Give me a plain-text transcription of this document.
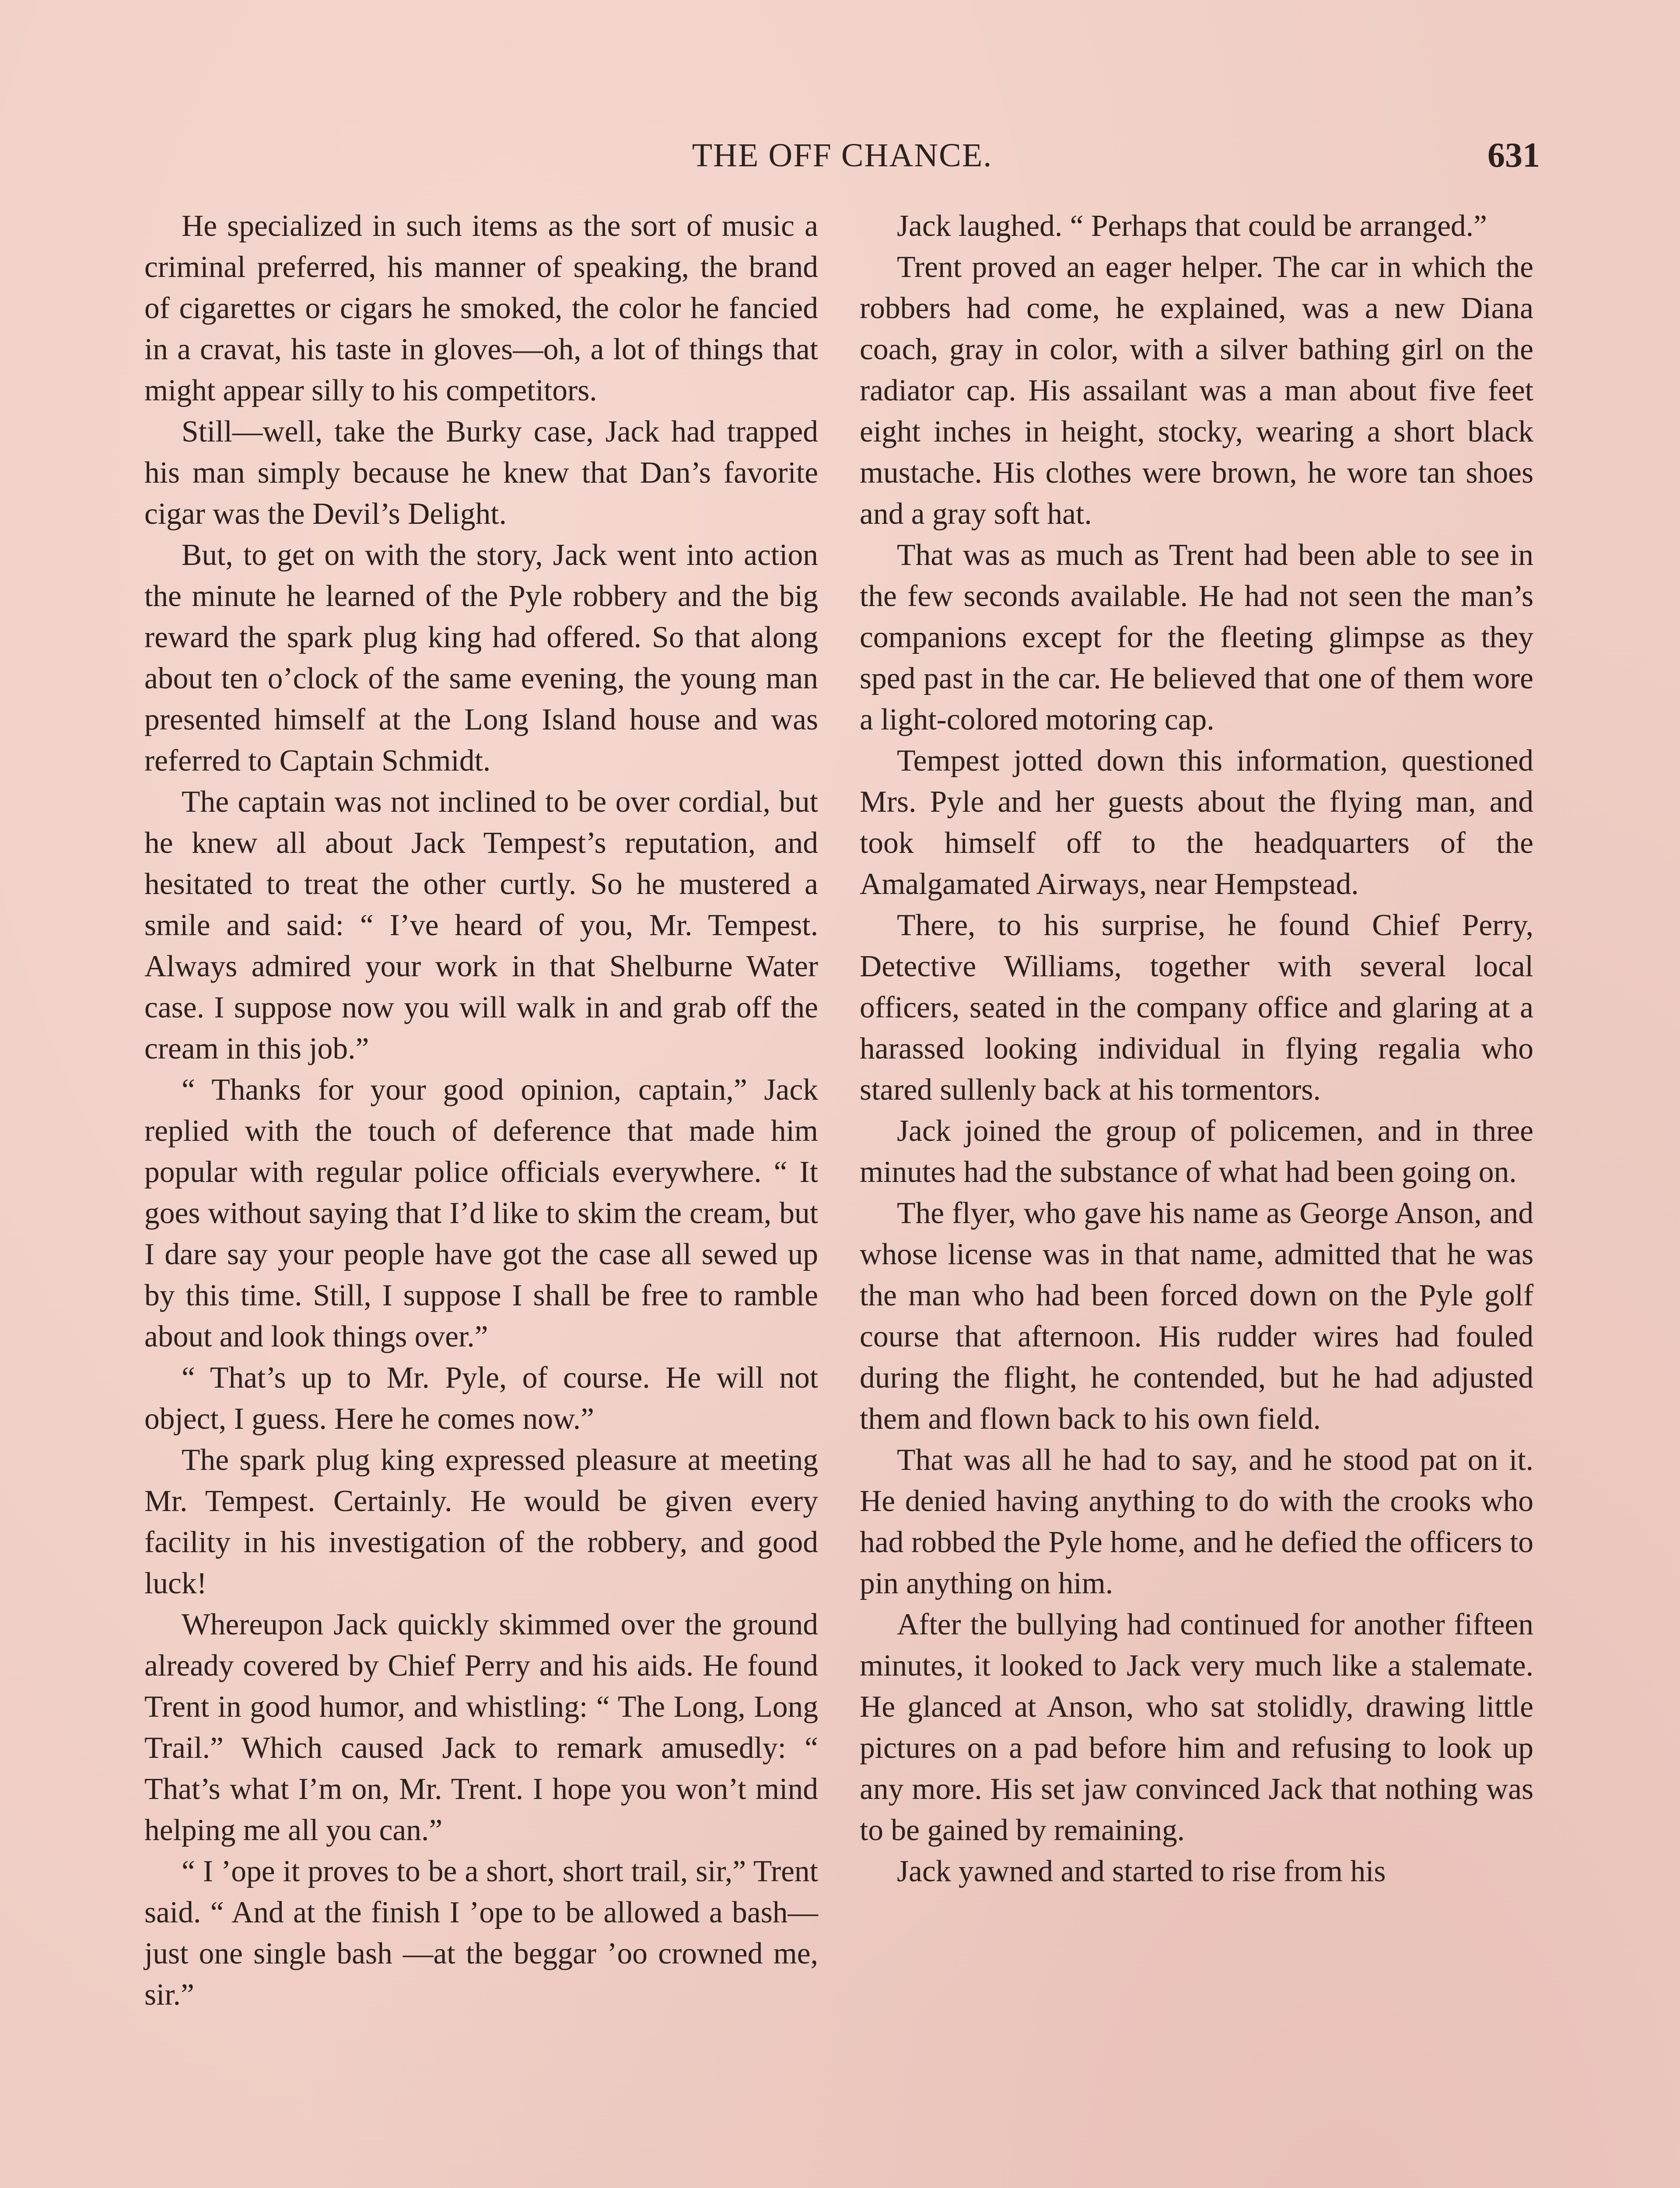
THE OFF CHANCE.	631

He specialized in such items as the sort of music a criminal preferred, his manner of speaking, the brand of cigarettes or cigars he smoked, the color he fancied in a cravat, his taste in gloves—oh, a lot of things that might appear silly to his competitors.

Still—well, take the Burky case, Jack had trapped his man simply because he knew that Dan’s favorite cigar was the Devil’s Delight.

But, to get on with the story, Jack went into action the minute he learned of the Pyle robbery and the big reward the spark plug king had offered. So that along about ten o’clock of the same evening, the young man presented himself at the Long Island house and was referred to Captain Schmidt.

The captain was not inclined to be over cordial, but he knew all about Jack Tempest’s reputation, and hesitated to treat the other curtly. So he mustered a smile and said: “ I’ve heard of you, Mr. Tempest. Always admired your work in that Shelburne Water case. I suppose now you will walk in and grab off the cream in this job.”

“ Thanks for your good opinion, captain,” Jack replied with the touch of deference that made him popular with regular police officials everywhere. “ It goes without saying that I’d like to skim the cream, but I dare say your people have got the case all sewed up by this time. Still, I suppose I shall be free to ramble about and look things over.”

“ That’s up to Mr. Pyle, of course. He will not object, I guess. Here he comes now.”

The spark plug king expressed pleasure at meeting Mr. Tempest. Certainly. He would be given every facility in his investigation of the robbery, and good luck!

Whereupon Jack quickly skimmed over the ground already covered by Chief Perry and his aids. He found Trent in good humor, and whistling: “ The Long, Long Trail.” Which caused Jack to remark amusedly: “ That’s what I’m on, Mr. Trent. I hope you won’t mind helping me all you can.”

“ I ’ope it proves to be a short, short trail, sir,” Trent said. “ And at the finish I ’ope to be allowed a bash—just one single bash —at the beggar ’oo crowned me, sir.”

Jack laughed. “ Perhaps that could be arranged.”

Trent proved an eager helper. The car in which the robbers had come, he explained, was a new Diana coach, gray in color, with a silver bathing girl on the radiator cap. His assailant was a man about five feet eight inches in height, stocky, wearing a short black mustache. His clothes were brown, he wore tan shoes and a gray soft hat.

That was as much as Trent had been able to see in the few seconds available. He had not seen the man’s companions except for the fleeting glimpse as they sped past in the car. He believed that one of them wore a light-colored motoring cap.

Tempest jotted down this information, questioned Mrs. Pyle and her guests about the flying man, and took himself off to the headquarters of the Amalgamated Airways, near Hempstead.

There, to his surprise, he found Chief Perry, Detective Williams, together with several local officers, seated in the company office and glaring at a harassed looking individual in flying regalia who stared sullenly back at his tormentors.

Jack joined the group of policemen, and in three minutes had the substance of what had been going on.

The flyer, who gave his name as George Anson, and whose license was in that name, admitted that he was the man who had been forced down on the Pyle golf course that afternoon. His rudder wires had fouled during the flight, he contended, but he had adjusted them and flown back to his own field.

That was all he had to say, and he stood pat on it. He denied having anything to do with the crooks who had robbed the Pyle home, and he defied the officers to pin anything on him.

After the bullying had continued for another fifteen minutes, it looked to Jack very much like a stalemate. He glanced at Anson, who sat stolidly, drawing little pictures on a pad before him and refusing to look up any more. His set jaw convinced Jack that nothing was to be gained by remaining.

Jack yawned and started to rise from his
